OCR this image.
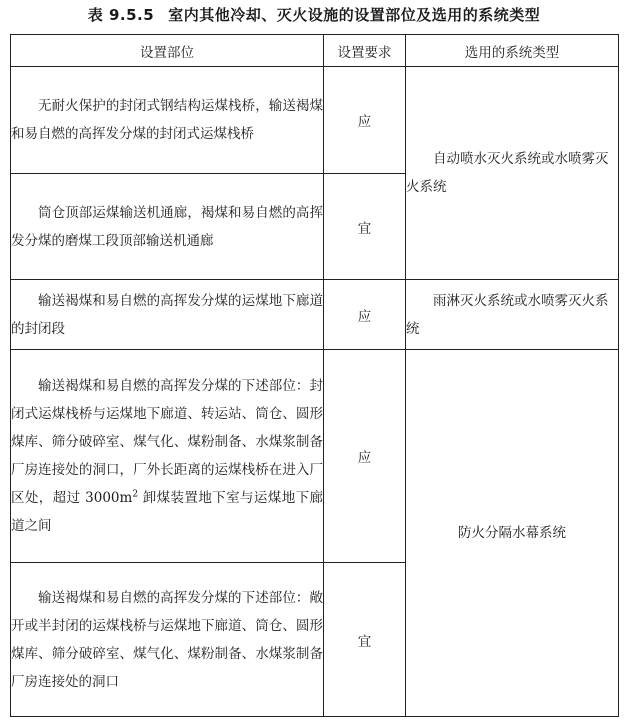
表 9.5.5 室内其他冷却、灭火设施的设置部位及选用的系统类型
设置部位	设置要求	选用的系统类型
无耐火保护的封闭式钢结构运煤栈桥，输送褐煤和易自燃的高挥发分煤的封闭式运煤栈桥	应	自动喷水灭火系统或水喷雾灭火系统
筒仓顶部运煤输送机通廊，褐煤和易自燃的高挥发分煤的磨煤工段顶部输送机通廊	宜	
输送褐煤和易自燃的高挥发分煤的运煤地下廊道的封闭段	应	雨淋灭火系统或水喷雾灭火系统
输送褐煤和易自燃的高挥发分煤的下述部位：封闭式运煤栈桥与运煤地下廊道、转运站、筒仓、圆形煤库、筛分破碎室、煤气化、煤粉制备、水煤浆制备厂房连接处的洞口，厂外长距离的运煤栈桥在进入厂区处，超过 $3000m^2$ 卸煤装置地下室与运煤地下廊道之间	应	防火分隔水幕系统
输送褐煤和易自燃的高挥发分煤的下述部位：敞开或半封闭的运煤栈桥与运煤地下廊道、筒仓、圆形煤库、筛分破碎室、煤气化、煤粉制备、水煤浆制备厂房连接处的洞口	宜	
